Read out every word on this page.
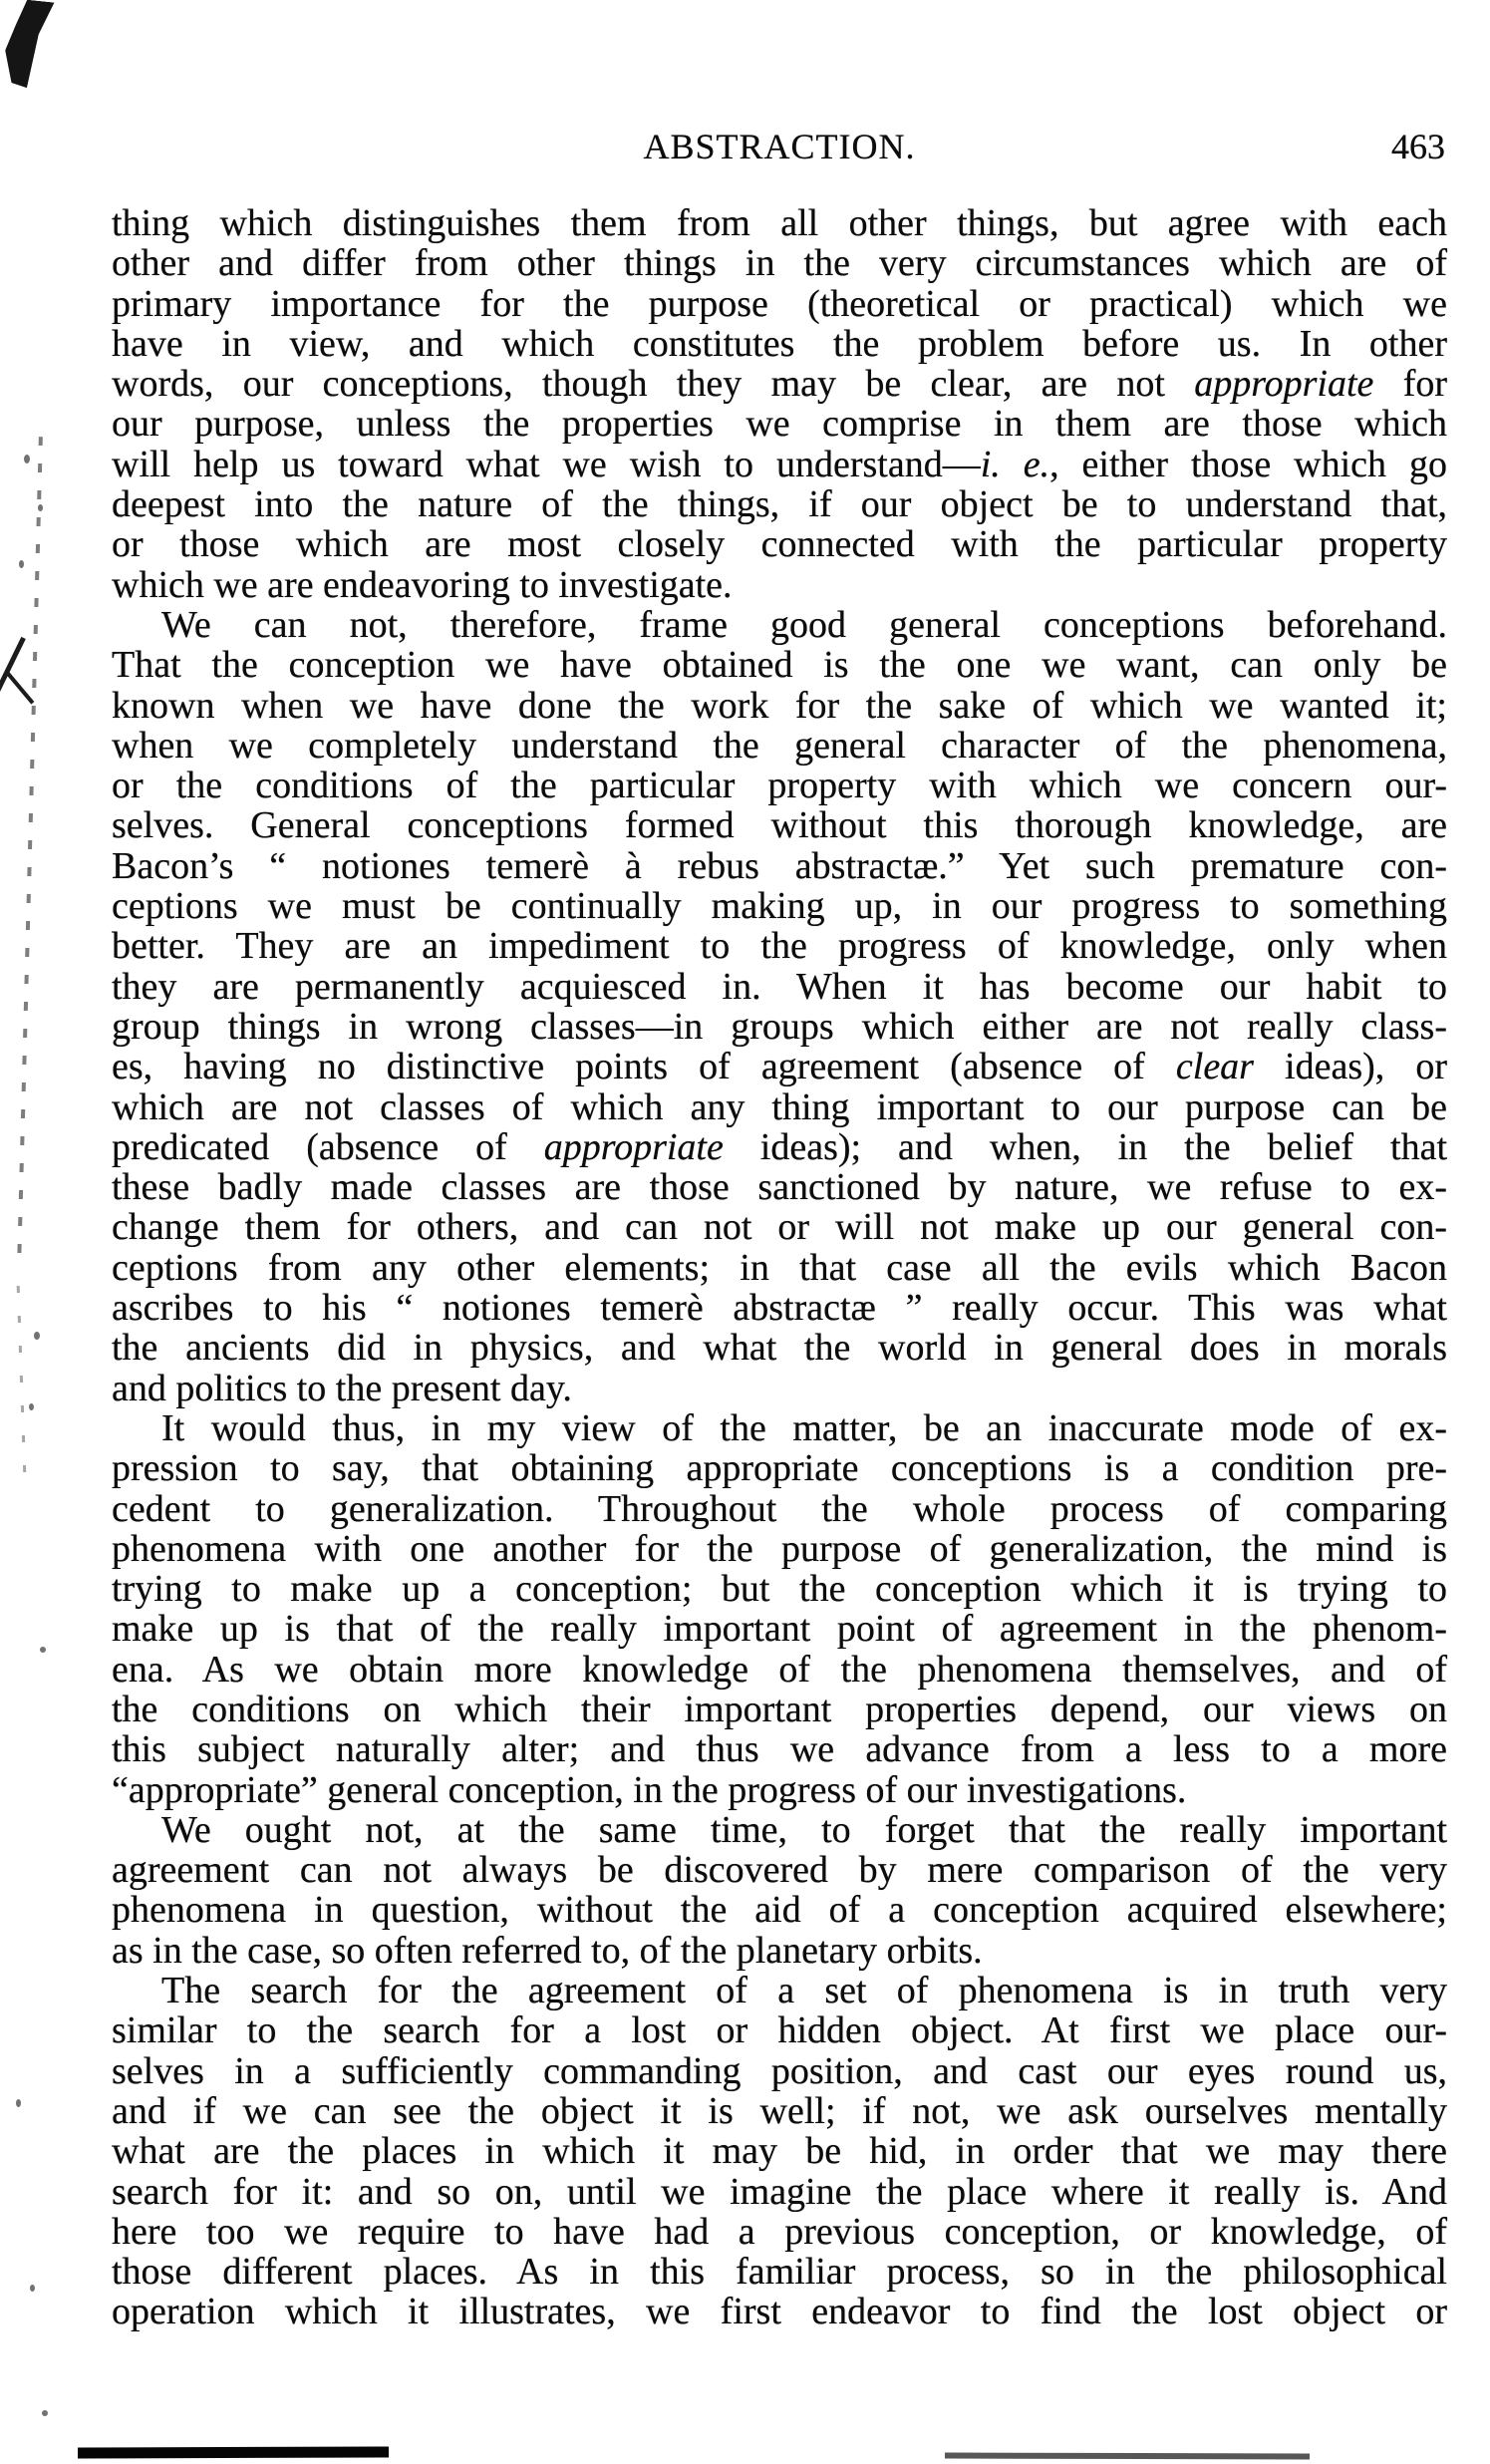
ABSTRACTION.	463
thing which distinguishes them from all other things, but agree with each
other and differ from other things in the very circumstances which are of
primary importance for the purpose (theoretical or practical) which we
have in view, and which constitutes the problem before us. In other
words, our conceptions, though they may be clear, are not appropriate for
our purpose, unless the properties we comprise in them are those which
will help us toward what we wish to understand—i. e., either those which go
deepest into the nature of the things, if our object be to understand that,
or those which are most closely connected with the particular property
which we are endeavoring to investigate.
We can not, therefore, frame good general conceptions beforehand.
That the conception we have obtained is the one we want, can only be
known when we have done the work for the sake of which we wanted it;
when we completely understand the general character of the phenomena,
or the conditions of the particular property with which we concern our-
selves. General conceptions formed without this thorough knowledge, are
Bacon’s “ notiones temerè à rebus abstractæ.” Yet such premature con-
ceptions we must be continually making up, in our progress to something
better. They are an impediment to the progress of knowledge, only when
they are permanently acquiesced in. When it has become our habit to
group things in wrong classes—in groups which either are not really class-
es, having no distinctive points of agreement (absence of clear ideas), or
which are not classes of which any thing important to our purpose can be
predicated (absence of appropriate ideas); and when, in the belief that
these badly made classes are those sanctioned by nature, we refuse to ex-
change them for others, and can not or will not make up our general con-
ceptions from any other elements; in that case all the evils which Bacon
ascribes to his “ notiones temerè abstractæ ” really occur. This was what
the ancients did in physics, and what the world in general does in morals
and politics to the present day.
It would thus, in my view of the matter, be an inaccurate mode of ex-
pression to say, that obtaining appropriate conceptions is a condition pre-
cedent to generalization. Throughout the whole process of comparing
phenomena with one another for the purpose of generalization, the mind is
trying to make up a conception; but the conception which it is trying to
make up is that of the really important point of agreement in the phenom-
ena. As we obtain more knowledge of the phenomena themselves, and of
the conditions on which their important properties depend, our views on
this subject naturally alter; and thus we advance from a less to a more
“appropriate” general conception, in the progress of our investigations.
We ought not, at the same time, to forget that the really important
agreement can not always be discovered by mere comparison of the very
phenomena in question, without the aid of a conception acquired elsewhere;
as in the case, so often referred to, of the planetary orbits.
The search for the agreement of a set of phenomena is in truth very
similar to the search for a lost or hidden object. At first we place our-
selves in a sufficiently commanding position, and cast our eyes round us,
and if we can see the object it is well; if not, we ask ourselves mentally
what are the places in which it may be hid, in order that we may there
search for it: and so on, until we imagine the place where it really is. And
here too we require to have had a previous conception, or knowledge, of
those different places. As in this familiar process, so in the philosophical
operation which it illustrates, we first endeavor to find the lost object or
